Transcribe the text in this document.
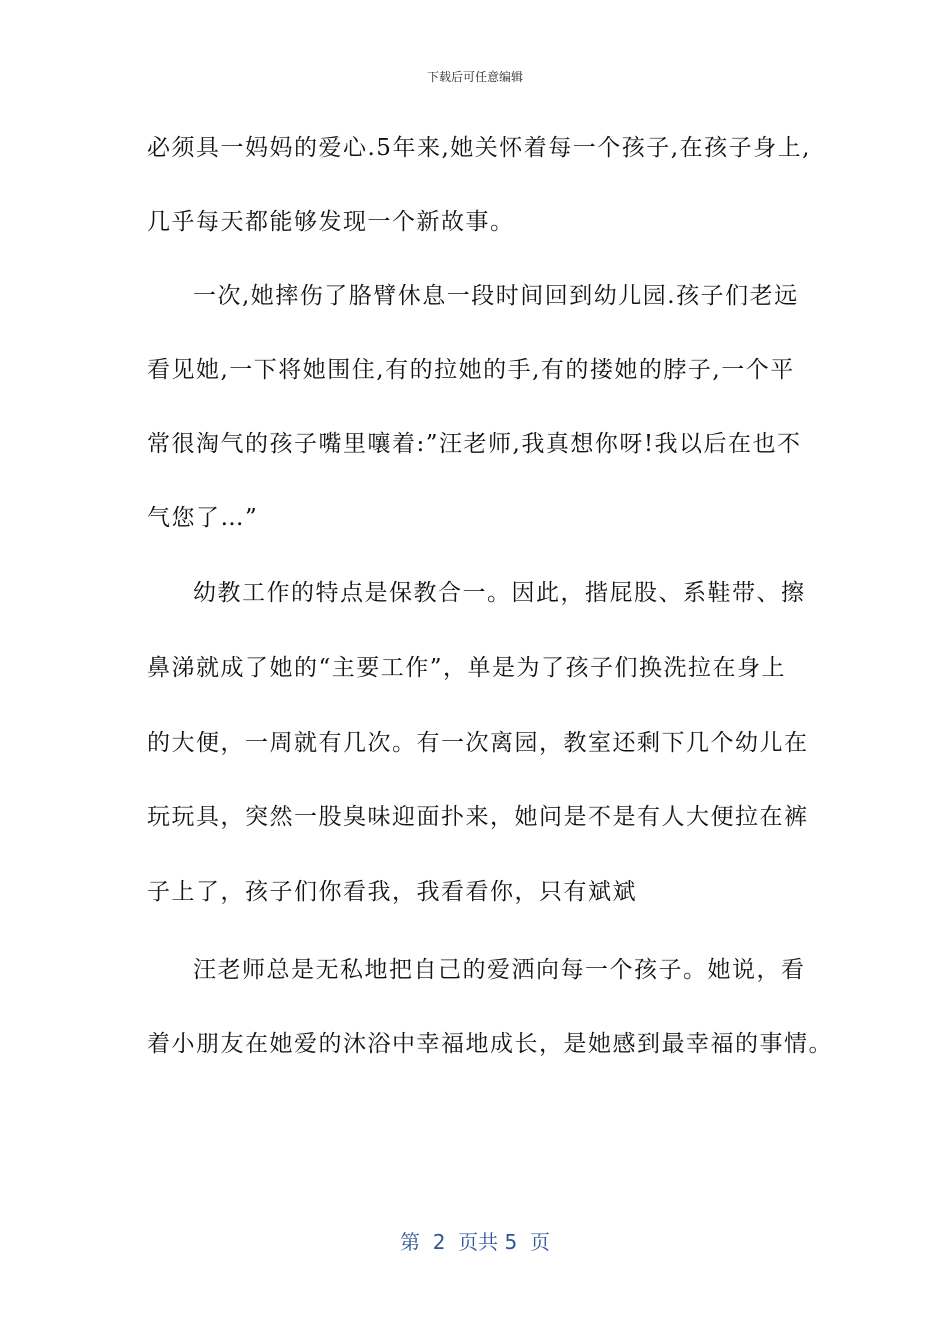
下载后可任意编辑
必须具一妈妈的爱心.5年来,她关怀着每一个孩子,在孩子身上,
几乎每天都能够发现一个新故事。
一次,她摔伤了胳臂休息一段时间回到幼儿园.孩子们老远
看见她,一下将她围住,有的拉她的手,有的搂她的脖子,一个平
常很淘气的孩子嘴里嚷着:”汪老师,我真想你呀!我以后在也不
气您了…”
幼教工作的特点是保教合一。因此，揩屁股、系鞋带、擦
鼻涕就成了她的“主要工作”，单是为了孩子们换洗拉在身上
的大便，一周就有几次。有一次离园，教室还剩下几个幼儿在
玩玩具，突然一股臭味迎面扑来，她问是不是有人大便拉在裤
子上了，孩子们你看我，我看看你，只有斌斌
汪老师总是无私地把自己的爱洒向每一个孩子。她说，看
着小朋友在她爱的沐浴中幸福地成长，是她感到最幸福的事情。
第  2  页共 5  页
